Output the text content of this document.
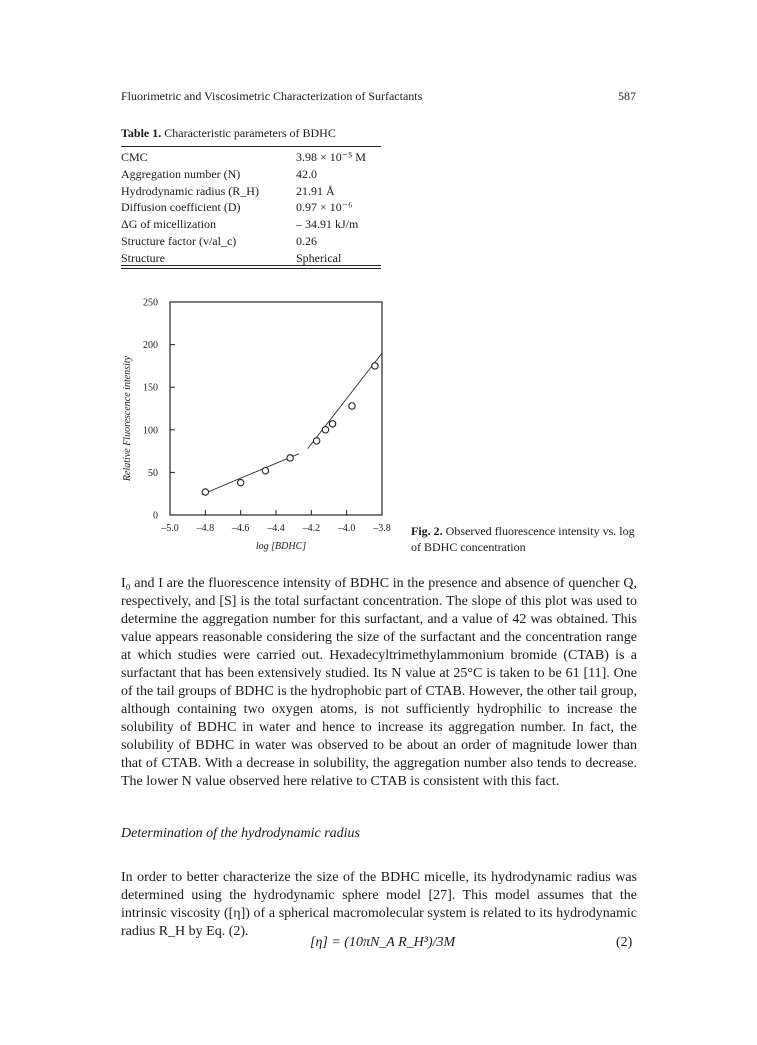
Fluorimetric and Viscosimetric Characterization of Surfactants	587
Table 1. Characteristic parameters of BDHC
CMC	3.98 × 10⁻⁵ M
Aggregation number (N)	42.0
Hydrodynamic radius (R_H)	21.91 Å
Diffusion coefficient (D)	0.97 × 10⁻⁶
ΔG of micellization	– 34.91 kJ/m
Structure factor (v/al_c)	0.26
Structure	Spherical
–5.0 –4.8 –4.6 –4.4 –4.2 –4.0 –3.8
0
50
100
150
200
250
log [BDHC]
Relative Fluorescence intensity
Fig. 2. Observed fluorescence intensity vs. log of BDHC concentration

I₀ and I are the fluorescence intensity of BDHC in the presence and absence of quencher Q, respectively, and [S] is the total surfactant concentration. The slope of this plot was used to determine the aggregation number for this surfactant, and a value of 42 was obtained. This value appears reasonable considering the size of the surfactant and the concentration range at which studies were carried out. Hexadecyltrimethylammonium bromide (CTAB) is a surfactant that has been extensively studied. Its N value at 25°C is taken to be 61 [11]. One of the tail groups of BDHC is the hydrophobic part of CTAB. However, the other tail group, although containing two oxygen atoms, is not sufficiently hydrophilic to increase the solubility of BDHC in water and hence to increase its aggregation number. In fact, the solubility of BDHC in water was observed to be about an order of magnitude lower than that of CTAB. With a decrease in solubility, the aggregation number also tends to decrease. The lower N value observed here relative to CTAB is consistent with this fact.

Determination of the hydrodynamic radius

In order to better characterize the size of the BDHC micelle, its hydrodynamic radius was determined using the hydrodynamic sphere model [27]. This model assumes that the intrinsic viscosity ([η]) of a spherical macromolecular system is related to its hydrodynamic radius R_H by Eq. (2).

[η] = (10πN_A R_H³)/3M	(2)
